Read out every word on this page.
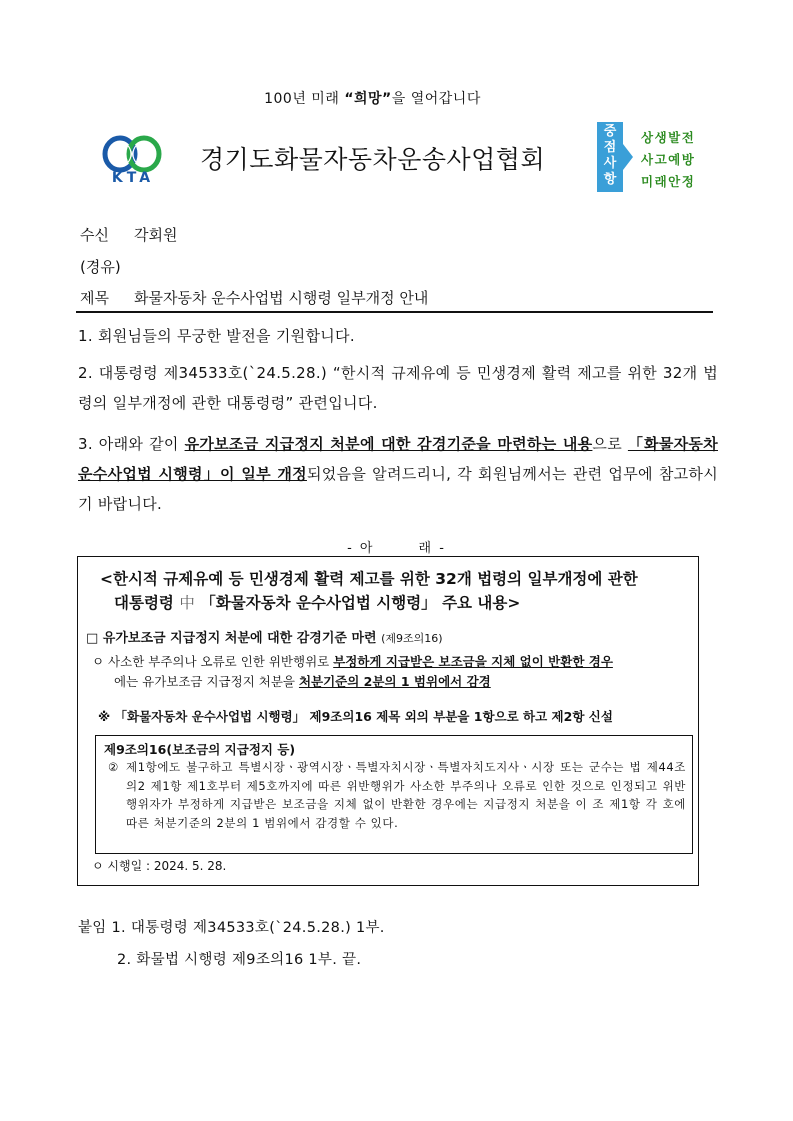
100년 미래 “희망”을 열어갑니다
KTA
경기도화물자동차운송사업협회
중
점
사
항
상생발전
사고예방
미래안정
수신 각회원
(경유)
제목 화물자동차 운수사업법 시행령 일부개정 안내
1. 회원님들의 무궁한 발전을 기원합니다.
2. 대통령령 제34533호(`24.5.28.) “한시적 규제유예 등 민생경제 활력 제고를 위한 32개 법령의 일부개정에 관한 대통령령” 관련입니다.
3. 아래와 같이 유가보조금 지급정지 처분에 대한 감경기준을 마련하는 내용으로 「화물자동차 운수사업법 시행령」이 일부 개정되었음을 알려드리니, 각 회원님께서는 관련 업무에 참고하시기 바랍니다.
- 아	래 -
<한시적 규제유예 등 민생경제 활력 제고를 위한 32개 법령의 일부개정에 관한
대통령령 中 「화물자동차 운수사업법 시행령」 주요 내용>
□ 유가보조금 지급정지 처분에 대한 감경기준 마련 (제9조의16)
ㅇ 사소한 부주의나 오류로 인한 위반행위로 부정하게 지급받은 보조금을 지체 없이 반환한 경우
에는 유가보조금 지급정지 처분을 처분기준의 2분의 1 범위에서 감경
※ 「화물자동차 운수사업법 시행령」 제9조의16 제목 외의 부분을 1항으로 하고 제2항 신설
제9조의16(보조금의 지급정지 등)
② 제1항에도 불구하고 특별시장ㆍ광역시장ㆍ특별자치시장ㆍ특별자치도지사ㆍ시장 또는 군수는 법 제44조의2 제1항 제1호부터 제5호까지에 따른 위반행위가 사소한 부주의나 오류로 인한 것으로 인정되고 위반행위자가 부정하게 지급받은 보조금을 지체 없이 반환한 경우에는 지급정지 처분을 이 조 제1항 각 호에 따른 처분기준의 2분의 1 범위에서 감경할 수 있다.
ㅇ 시행일 : 2024. 5. 28.
붙임 1. 대통령령 제34533호(`24.5.28.) 1부.
2. 화물법 시행령 제9조의16 1부. 끝.
